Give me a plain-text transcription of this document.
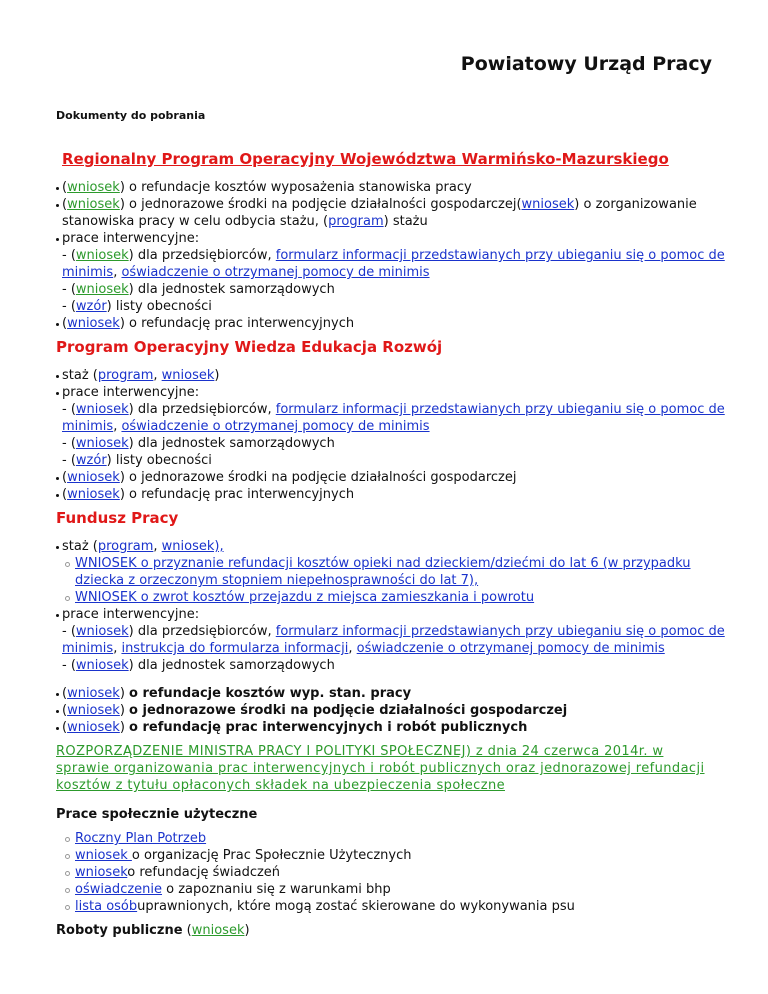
Powiatowy Urząd Pracy
Dokumenty do pobrania
Regionalny Program Operacyjny Województwa Warmińsko-Mazurskiego
(wniosek) o refundacje kosztów wyposażenia stanowiska pracy
(wniosek) o jednorazowe środki na podjęcie działalności gospodarczej(wniosek) o zorganizowanie stanowiska pracy w celu odbycia stażu, (program) stażu
prace interwencyjne:
- (wniosek) dla przedsiębiorców, formularz informacji przedstawianych przy ubieganiu się o pomoc de minimis, oświadczenie o otrzymanej pomocy de minimis
- (wniosek) dla jednostek samorządowych
- (wzór) listy obecności
(wniosek) o refundację prac interwencyjnych
Program Operacyjny Wiedza Edukacja Rozwój
staż (program, wniosek)
prace interwencyjne:
- (wniosek) dla przedsiębiorców, formularz informacji przedstawianych przy ubieganiu się o pomoc de minimis, oświadczenie o otrzymanej pomocy de minimis
- (wniosek) dla jednostek samorządowych
- (wzór) listy obecności
(wniosek) o jednorazowe środki na podjęcie działalności gospodarczej
(wniosek) o refundację prac interwencyjnych
Fundusz Pracy
staż (program, wniosek),
WNIOSEK o przyznanie refundacji kosztów opieki nad dzieckiem/dziećmi do lat 6 (w przypadku dziecka z orzeczonym stopniem niepełnosprawności do lat 7),
WNIOSEK o zwrot kosztów przejazdu z miejsca zamieszkania i powrotu
prace interwencyjne:
- (wniosek) dla przedsiębiorców, formularz informacji przedstawianych przy ubieganiu się o pomoc de minimis, instrukcja do formularza informacji, oświadczenie o otrzymanej pomocy de minimis
- (wniosek) dla jednostek samorządowych
(wniosek) o refundacje kosztów wyp. stan. pracy
(wniosek) o jednorazowe środki na podjęcie działalności gospodarczej
(wniosek) o refundację prac interwencyjnych i robót publicznych
ROZPORZĄDZENIE MINISTRA PRACY I POLITYKI SPOŁECZNEJ) z dnia 24 czerwca 2014r. w sprawie organizowania prac interwencyjnych i robót publicznych oraz jednorazowej refundacji kosztów z tytułu opłaconych składek na ubezpieczenia społeczne
Prace społecznie użyteczne
Roczny Plan Potrzeb
wniosek o organizację Prac Społecznie Użytecznych
wnioseko refundację świadczeń
oświadczenie o zapoznaniu się z warunkami bhp
lista osóbuprawnionych, które mogą zostać skierowane do wykonywania psu
Roboty publiczne (wniosek)
